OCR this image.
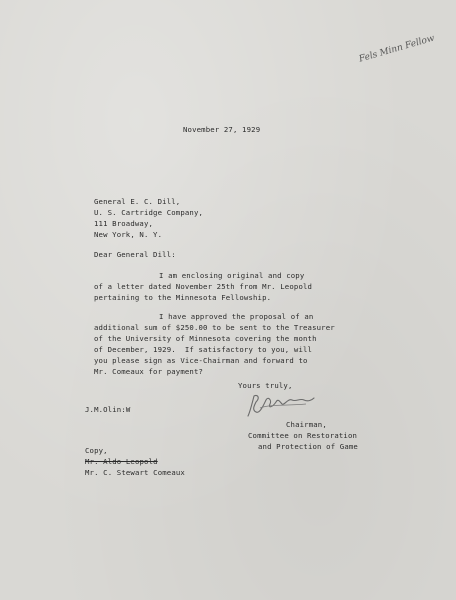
Fels Minn Fellow
November 27, 1929
General E. C. Dill,
U. S. Cartridge Company,
111 Broadway,
New York, N. Y.
Dear General Dill:
I am enclosing original and copy
of a letter dated November 25th from Mr. Leopold
pertaining to the Minnesota Fellowship.
I have approved the proposal of an
additional sum of $250.00 to be sent to the Treasurer
of the University of Minnesota covering the month
of December, 1929.  If satisfactory to you, will
you please sign as Vice-Chairman and forward to
Mr. Comeaux for payment?
Yours truly,
J.M.Olin:W
Chairman,
Committee on Restoration
and Protection of Game
Copy,
Mr. Aldo Leopold
Mr. C. Stewart Comeaux
